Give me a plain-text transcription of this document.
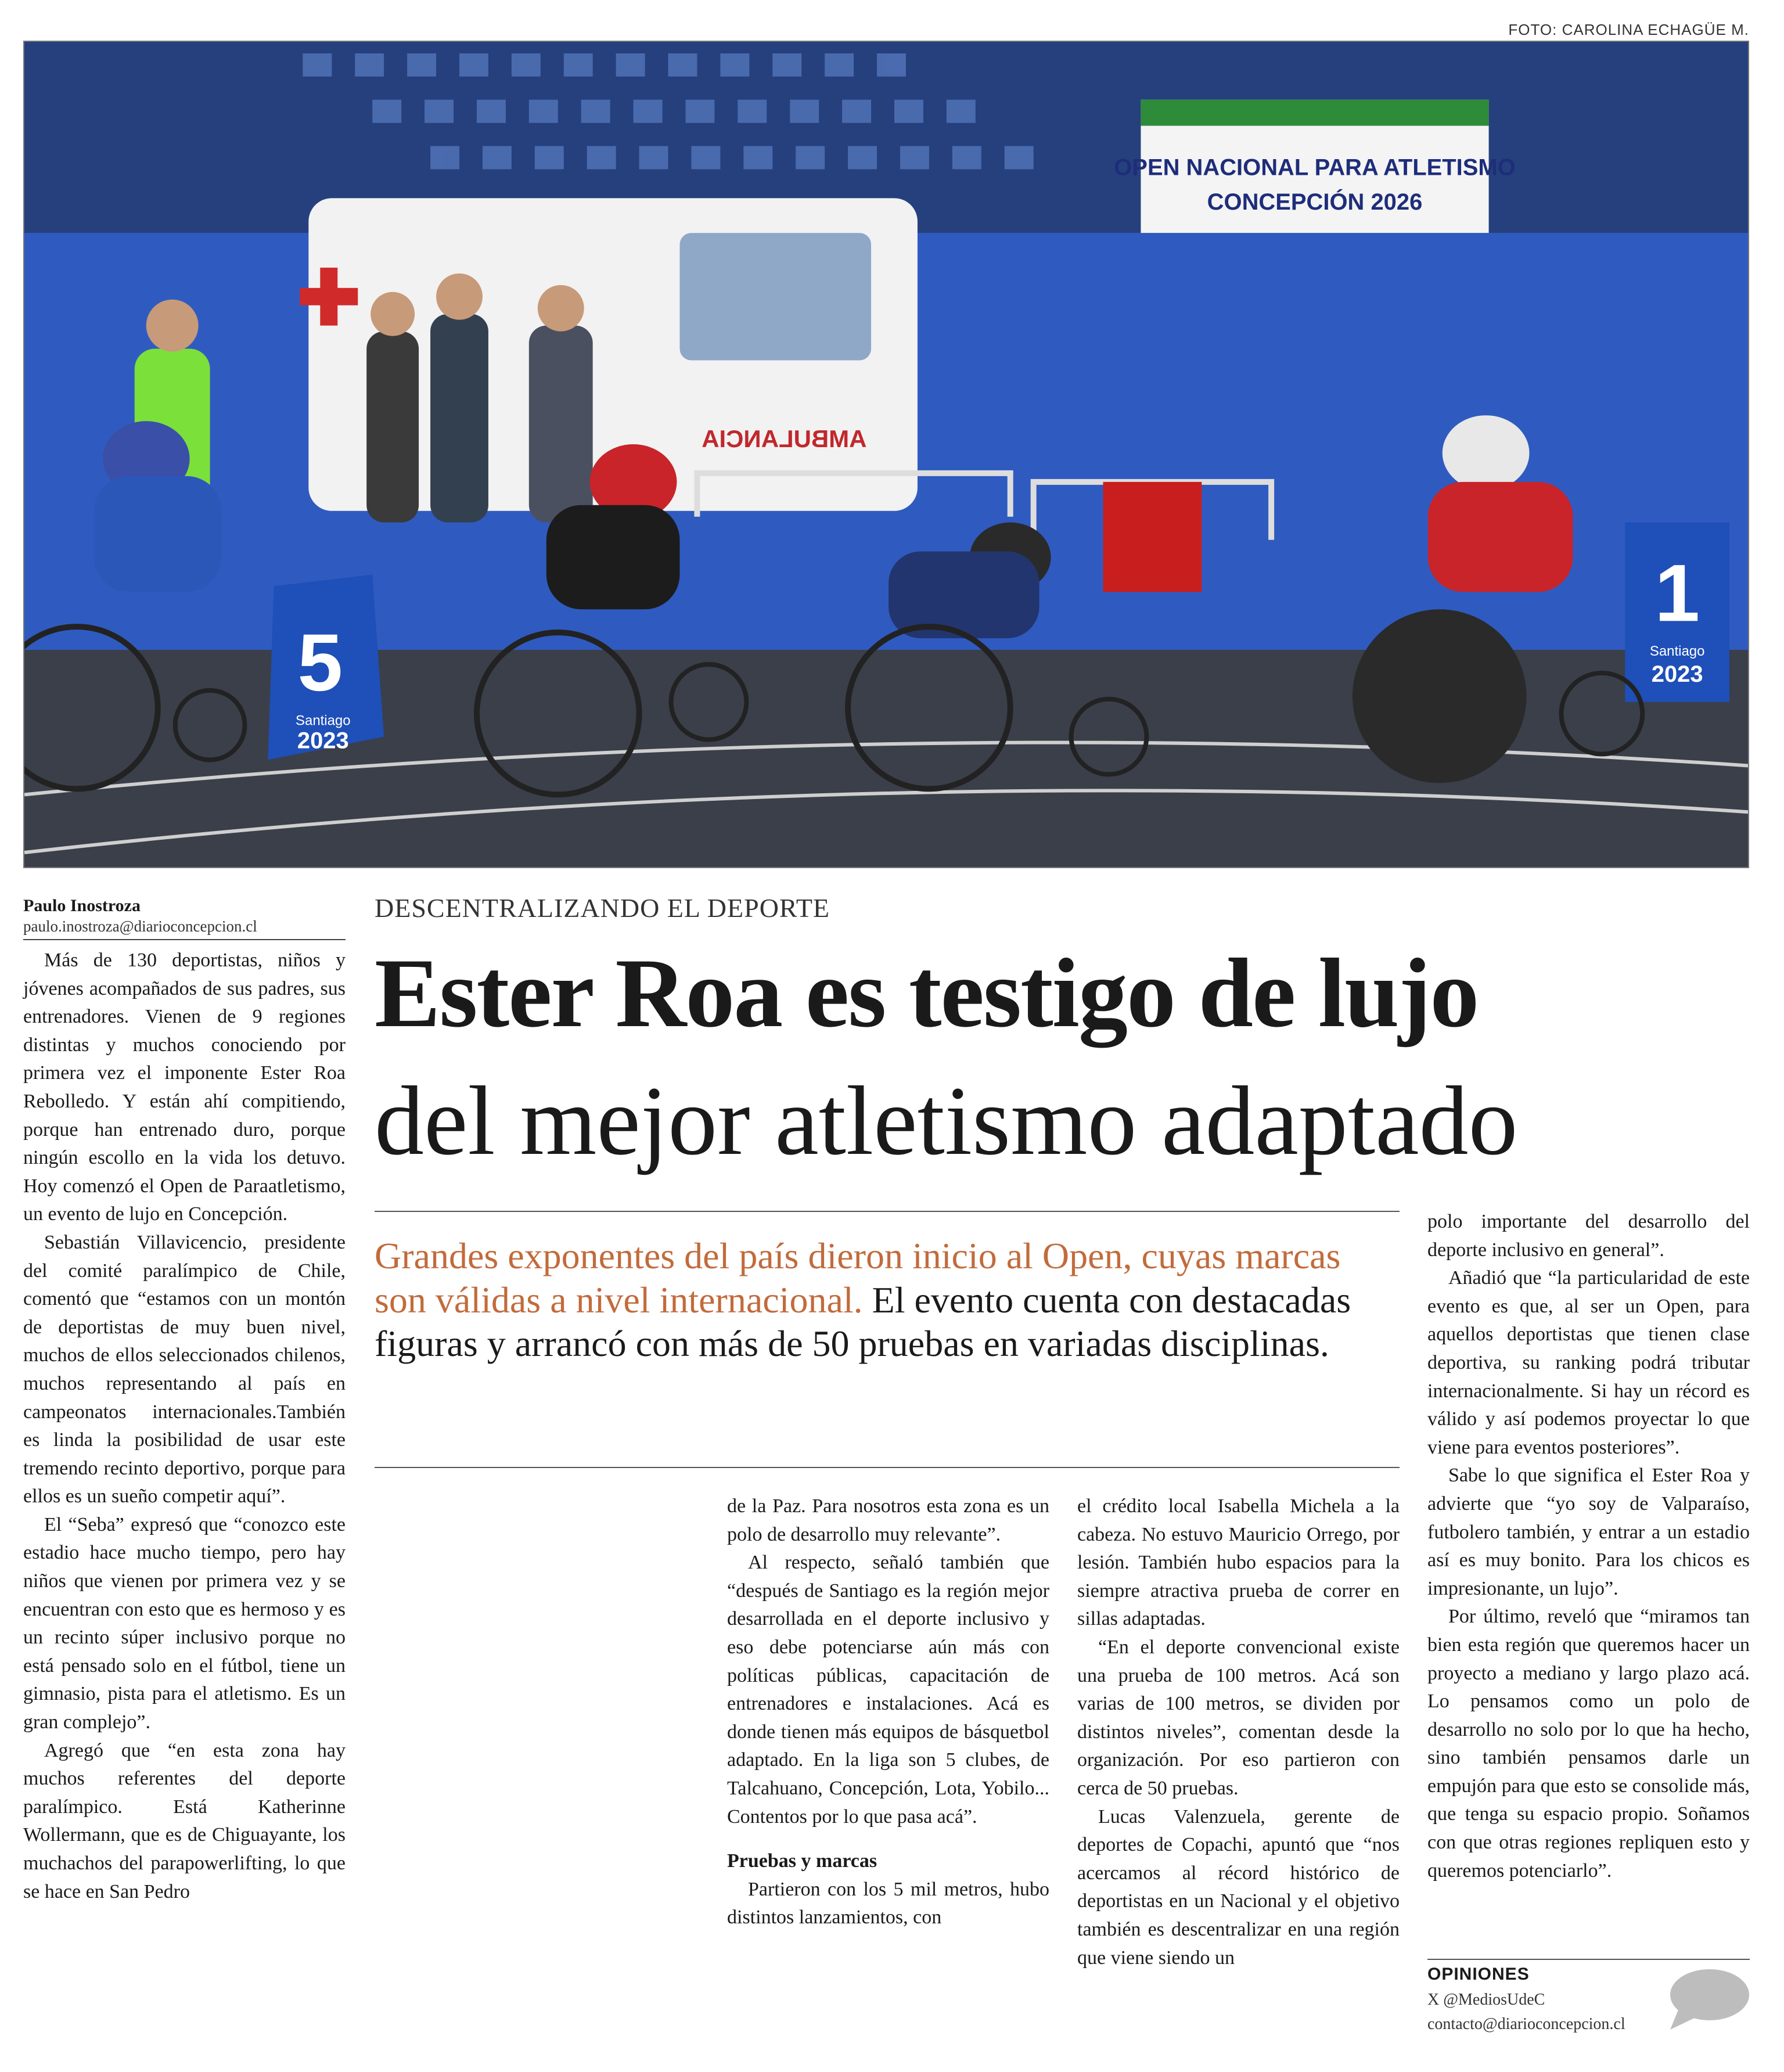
FOTO: CAROLINA ECHAGÜE M.
OPEN NACIONAL PARA ATLETISMO
CONCEPCIÓN 2026
AMBULANCIA
5
Santiago
2023
1
Santiago
2023
Paulo Inostroza
paulo.inostroza@diarioconcepcion.cl
DESCENTRALIZANDO EL DEPORTE
Ester Roa es testigo de lujo
del mejor atletismo adaptado

Grandes exponentes del país dieron inicio al Open, cuyas marcas son válidas a nivel internacional. El evento cuenta con destacadas figuras y arrancó con más de 50 pruebas en variadas disciplinas.

Más de 130 deportistas, niños y jóvenes acompañados de sus padres, sus entrenadores. Vienen de 9 regiones distintas y muchos conociendo por primera vez el imponente Ester Roa Rebolledo. Y están ahí compitiendo, porque han entrenado duro, porque ningún escollo en la vida los detuvo. Hoy comenzó el Open de Paraatletismo, un evento de lujo en Concepción.

Sebastián Villavicencio, presidente del comité paralímpico de Chile, comentó que “estamos con un montón de deportistas de muy buen nivel, muchos de ellos seleccionados chilenos, muchos representando al país en campeonatos internacionales.También es linda la posibilidad de usar este tremendo recinto deportivo, porque para ellos es un sueño competir aquí”.

El “Seba” expresó que “conozco este estadio hace mucho tiempo, pero hay niños que vienen por primera vez y se encuentran con esto que es hermoso y es un recinto súper inclusivo porque no está pensado solo en el fútbol, tiene un gimnasio, pista para el atletismo. Es un gran complejo”.

Agregó que “en esta zona hay muchos referentes del deporte paralímpico. Está Katherinne Wollermann, que es de Chiguayante, los muchachos del parapowerlifting, lo que se hace en San Pedro

de la Paz. Para nosotros esta zona es un polo de desarrollo muy relevante”.

Al respecto, señaló también que “después de Santiago es la región mejor desarrollada en el deporte inclusivo y eso debe potenciarse aún más con políticas públicas, capacitación de entrenadores e instalaciones. Acá es donde tienen más equipos de básquetbol adaptado. En la liga son 5 clubes, de Talcahuano, Concepción, Lota, Yobilo... Contentos por lo que pasa acá”.

Pruebas y marcas

Partieron con los 5 mil metros, hubo distintos lanzamientos, con

el crédito local Isabella Michela a la cabeza. No estuvo Mauricio Orrego, por lesión. También hubo espacios para la siempre atractiva prueba de correr en sillas adaptadas.

“En el deporte convencional existe una prueba de 100 metros. Acá son varias de 100 metros, se dividen por distintos niveles”, comentan desde la organización. Por eso partieron con cerca de 50 pruebas.

Lucas Valenzuela, gerente de deportes de Copachi, apuntó que “nos acercamos al récord histórico de deportistas en un Nacional y el objetivo también es descentralizar en una región que viene siendo un

polo importante del desarrollo del deporte inclusivo en general”.

Añadió que “la particularidad de este evento es que, al ser un Open, para aquellos deportistas que tienen clase deportiva, su ranking podrá tributar internacionalmente. Si hay un récord es válido y así podemos proyectar lo que viene para eventos posteriores”.

Sabe lo que significa el Ester Roa y advierte que “yo soy de Valparaíso, futbolero también, y entrar a un estadio así es muy bonito. Para los chicos es impresionante, un lujo”.

Por último, reveló que “miramos tan bien esta región que queremos hacer un proyecto a mediano y largo plazo acá. Lo pensamos como un polo de desarrollo no solo por lo que ha hecho, sino también pensamos darle un empujón para que esto se consolide más, que tenga su espacio propio. Soñamos con que otras regiones repliquen esto y queremos potenciarlo”.

OPINIONES
X @MediosUdeC
contacto@diarioconcepcion.cl
